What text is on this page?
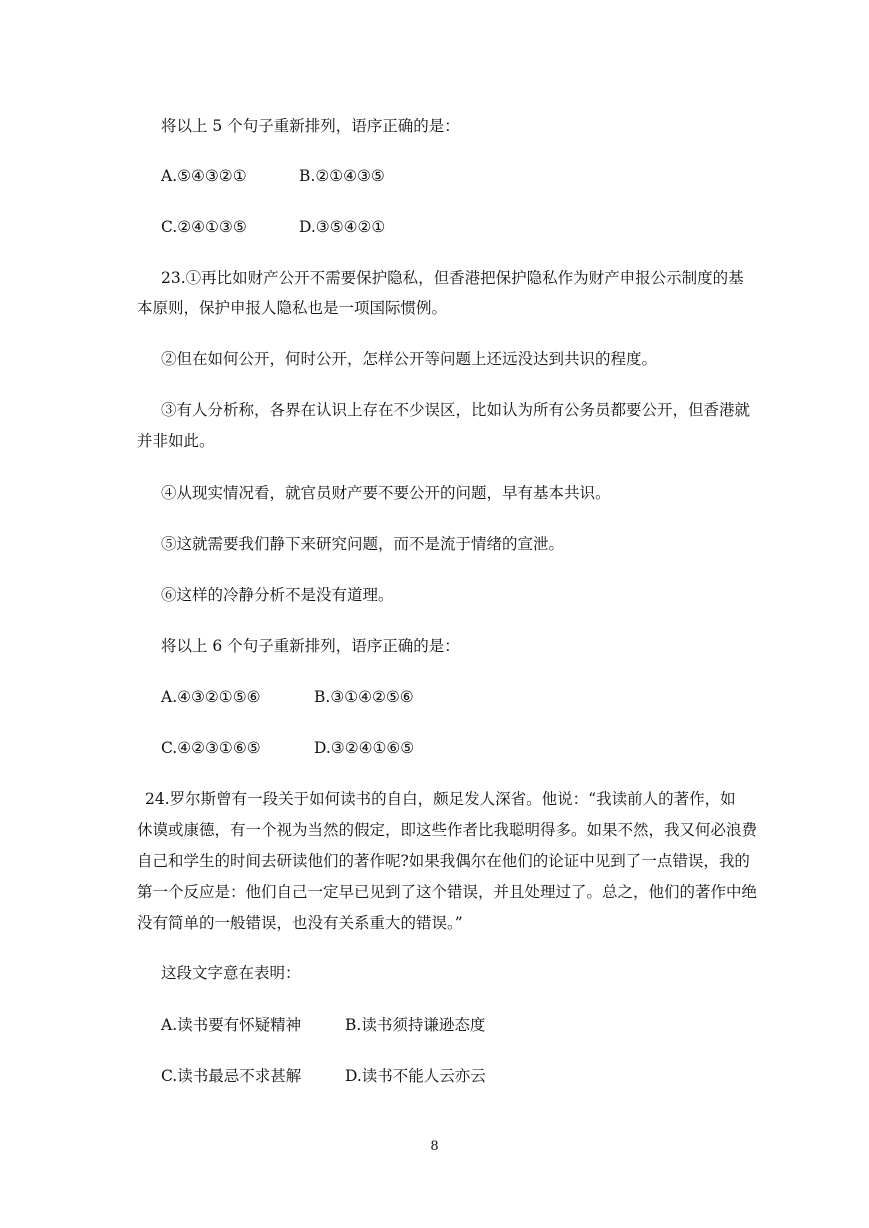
将以上 5 个句子重新排列，语序正确的是：
A.⑤④③②①	B.②①④③⑤
C.②④①③⑤	D.③⑤④②①
23.①再比如财产公开不需要保护隐私，但香港把保护隐私作为财产申报公示制度的基
本原则，保护申报人隐私也是一项国际惯例。
②但在如何公开，何时公开，怎样公开等问题上还远没达到共识的程度。
③有人分析称，各界在认识上存在不少误区，比如认为所有公务员都要公开，但香港就
并非如此。
④从现实情况看，就官员财产要不要公开的问题，早有基本共识。
⑤这就需要我们静下来研究问题，而不是流于情绪的宣泄。
⑥这样的冷静分析不是没有道理。
将以上 6 个句子重新排列，语序正确的是：
A.④③②①⑤⑥	B.③①④②⑤⑥
C.④②③①⑥⑤	D.③②④①⑥⑤
24.罗尔斯曾有一段关于如何读书的自白，颇足发人深省。他说：“我读前人的著作，如
休谟或康德，有一个视为当然的假定，即这些作者比我聪明得多。如果不然，我又何必浪费
自己和学生的时间去研读他们的著作呢?如果我偶尔在他们的论证中见到了一点错误，我的
第一个反应是：他们自己一定早已见到了这个错误，并且处理过了。总之，他们的著作中绝
没有简单的一般错误，也没有关系重大的错误。”
这段文字意在表明：
A.读书要有怀疑精神	B.读书须持谦逊态度
C.读书最忌不求甚解	D.读书不能人云亦云
8
